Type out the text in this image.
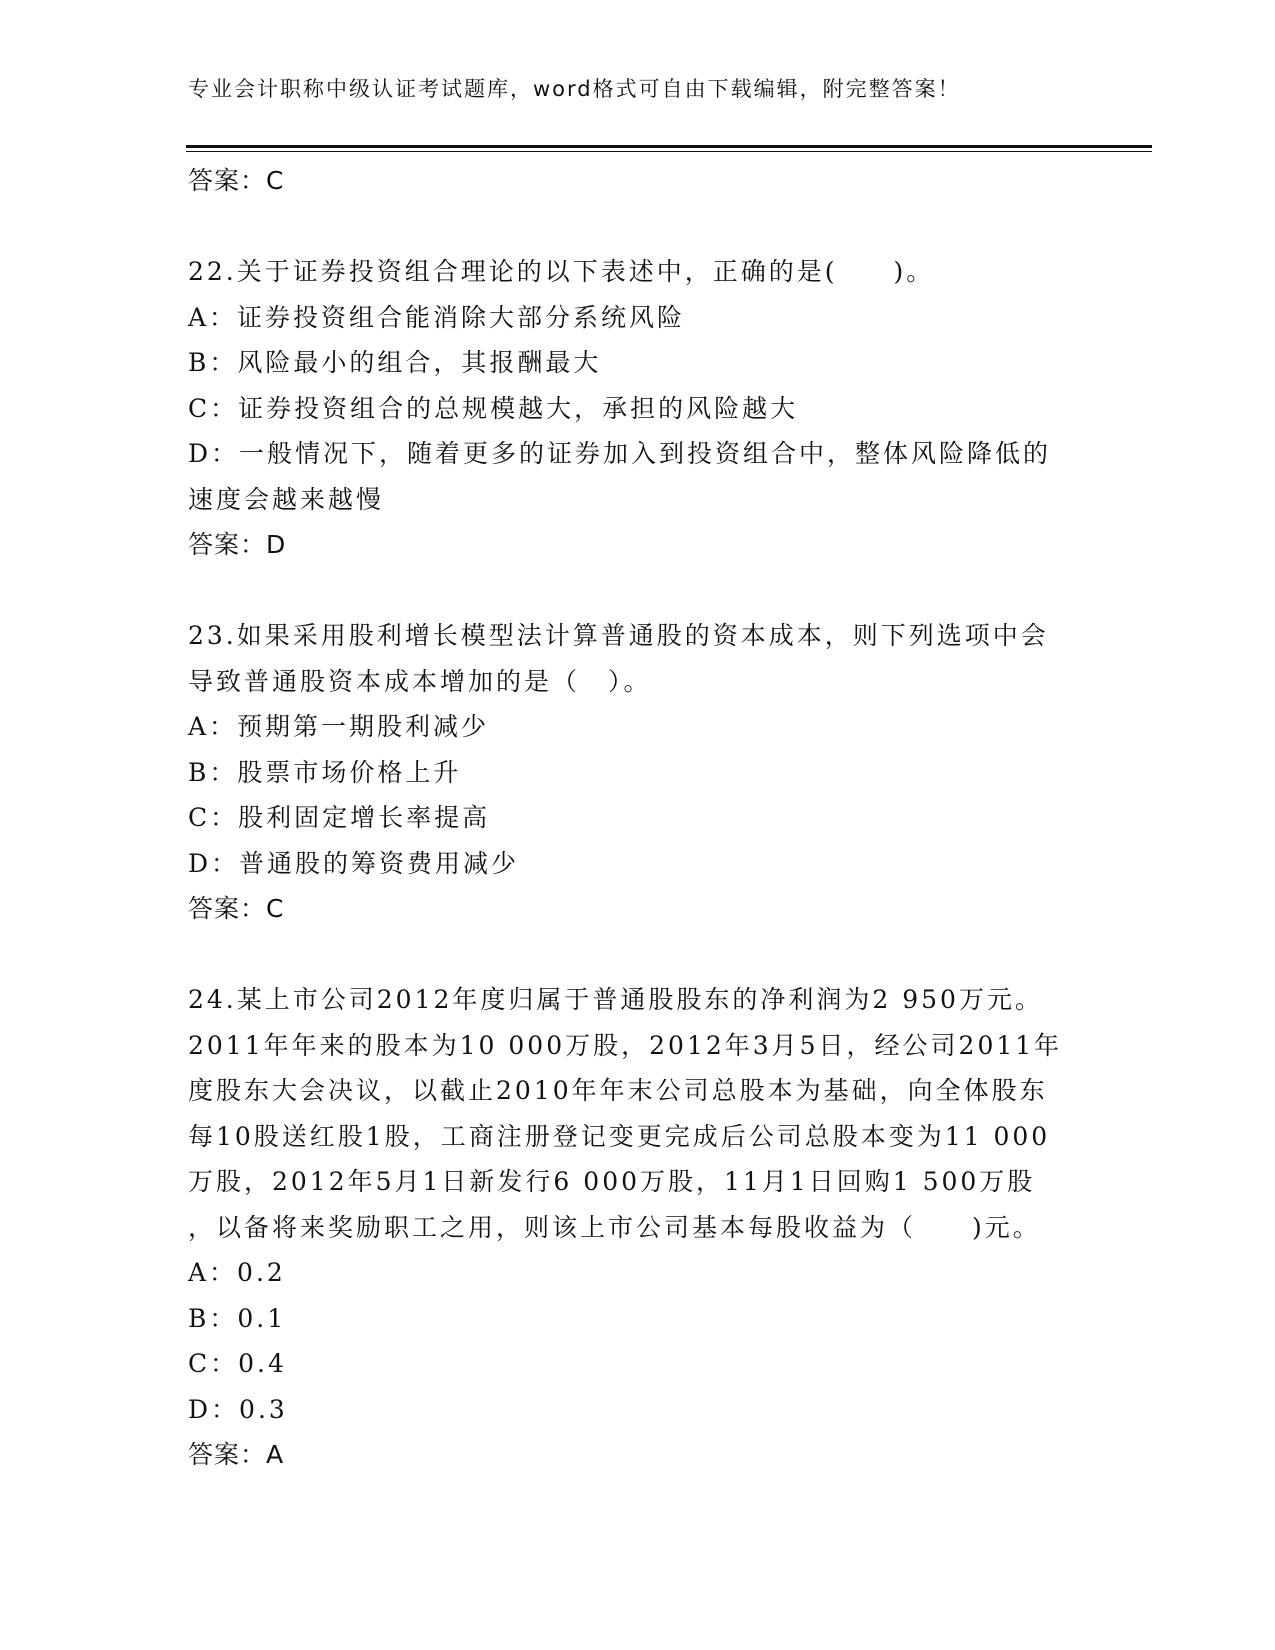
专业会计职称中级认证考试题库，word格式可自由下载编辑，附完整答案！
答案：C
22.关于证券投资组合理论的以下表述中，正确的是(　　)。
A：证券投资组合能消除大部分系统风险
B：风险最小的组合，其报酬最大
C：证券投资组合的总规模越大，承担的风险越大
D：一般情况下，随着更多的证券加入到投资组合中，整体风险降低的
速度会越来越慢
答案：D
23.如果采用股利增长模型法计算普通股的资本成本，则下列选项中会
导致普通股资本成本增加的是（　）。
A：预期第一期股利减少
B：股票市场价格上升
C：股利固定增长率提高
D：普通股的筹资费用减少
答案：C
24.某上市公司2012年度归属于普通股股东的净利润为2 950万元。
2011年年来的股本为10 000万股，2012年3月5日，经公司2011年
度股东大会决议，以截止2010年年末公司总股本为基础，向全体股东
每10股送红股1股，工商注册登记变更完成后公司总股本变为11 000
万股，2012年5月1日新发行6 000万股，11月1日回购1 500万股
，以备将来奖励职工之用，则该上市公司基本每股收益为（　　)元。
A：0.2
B：0.1
C：0.4
D：0.3
答案：A
